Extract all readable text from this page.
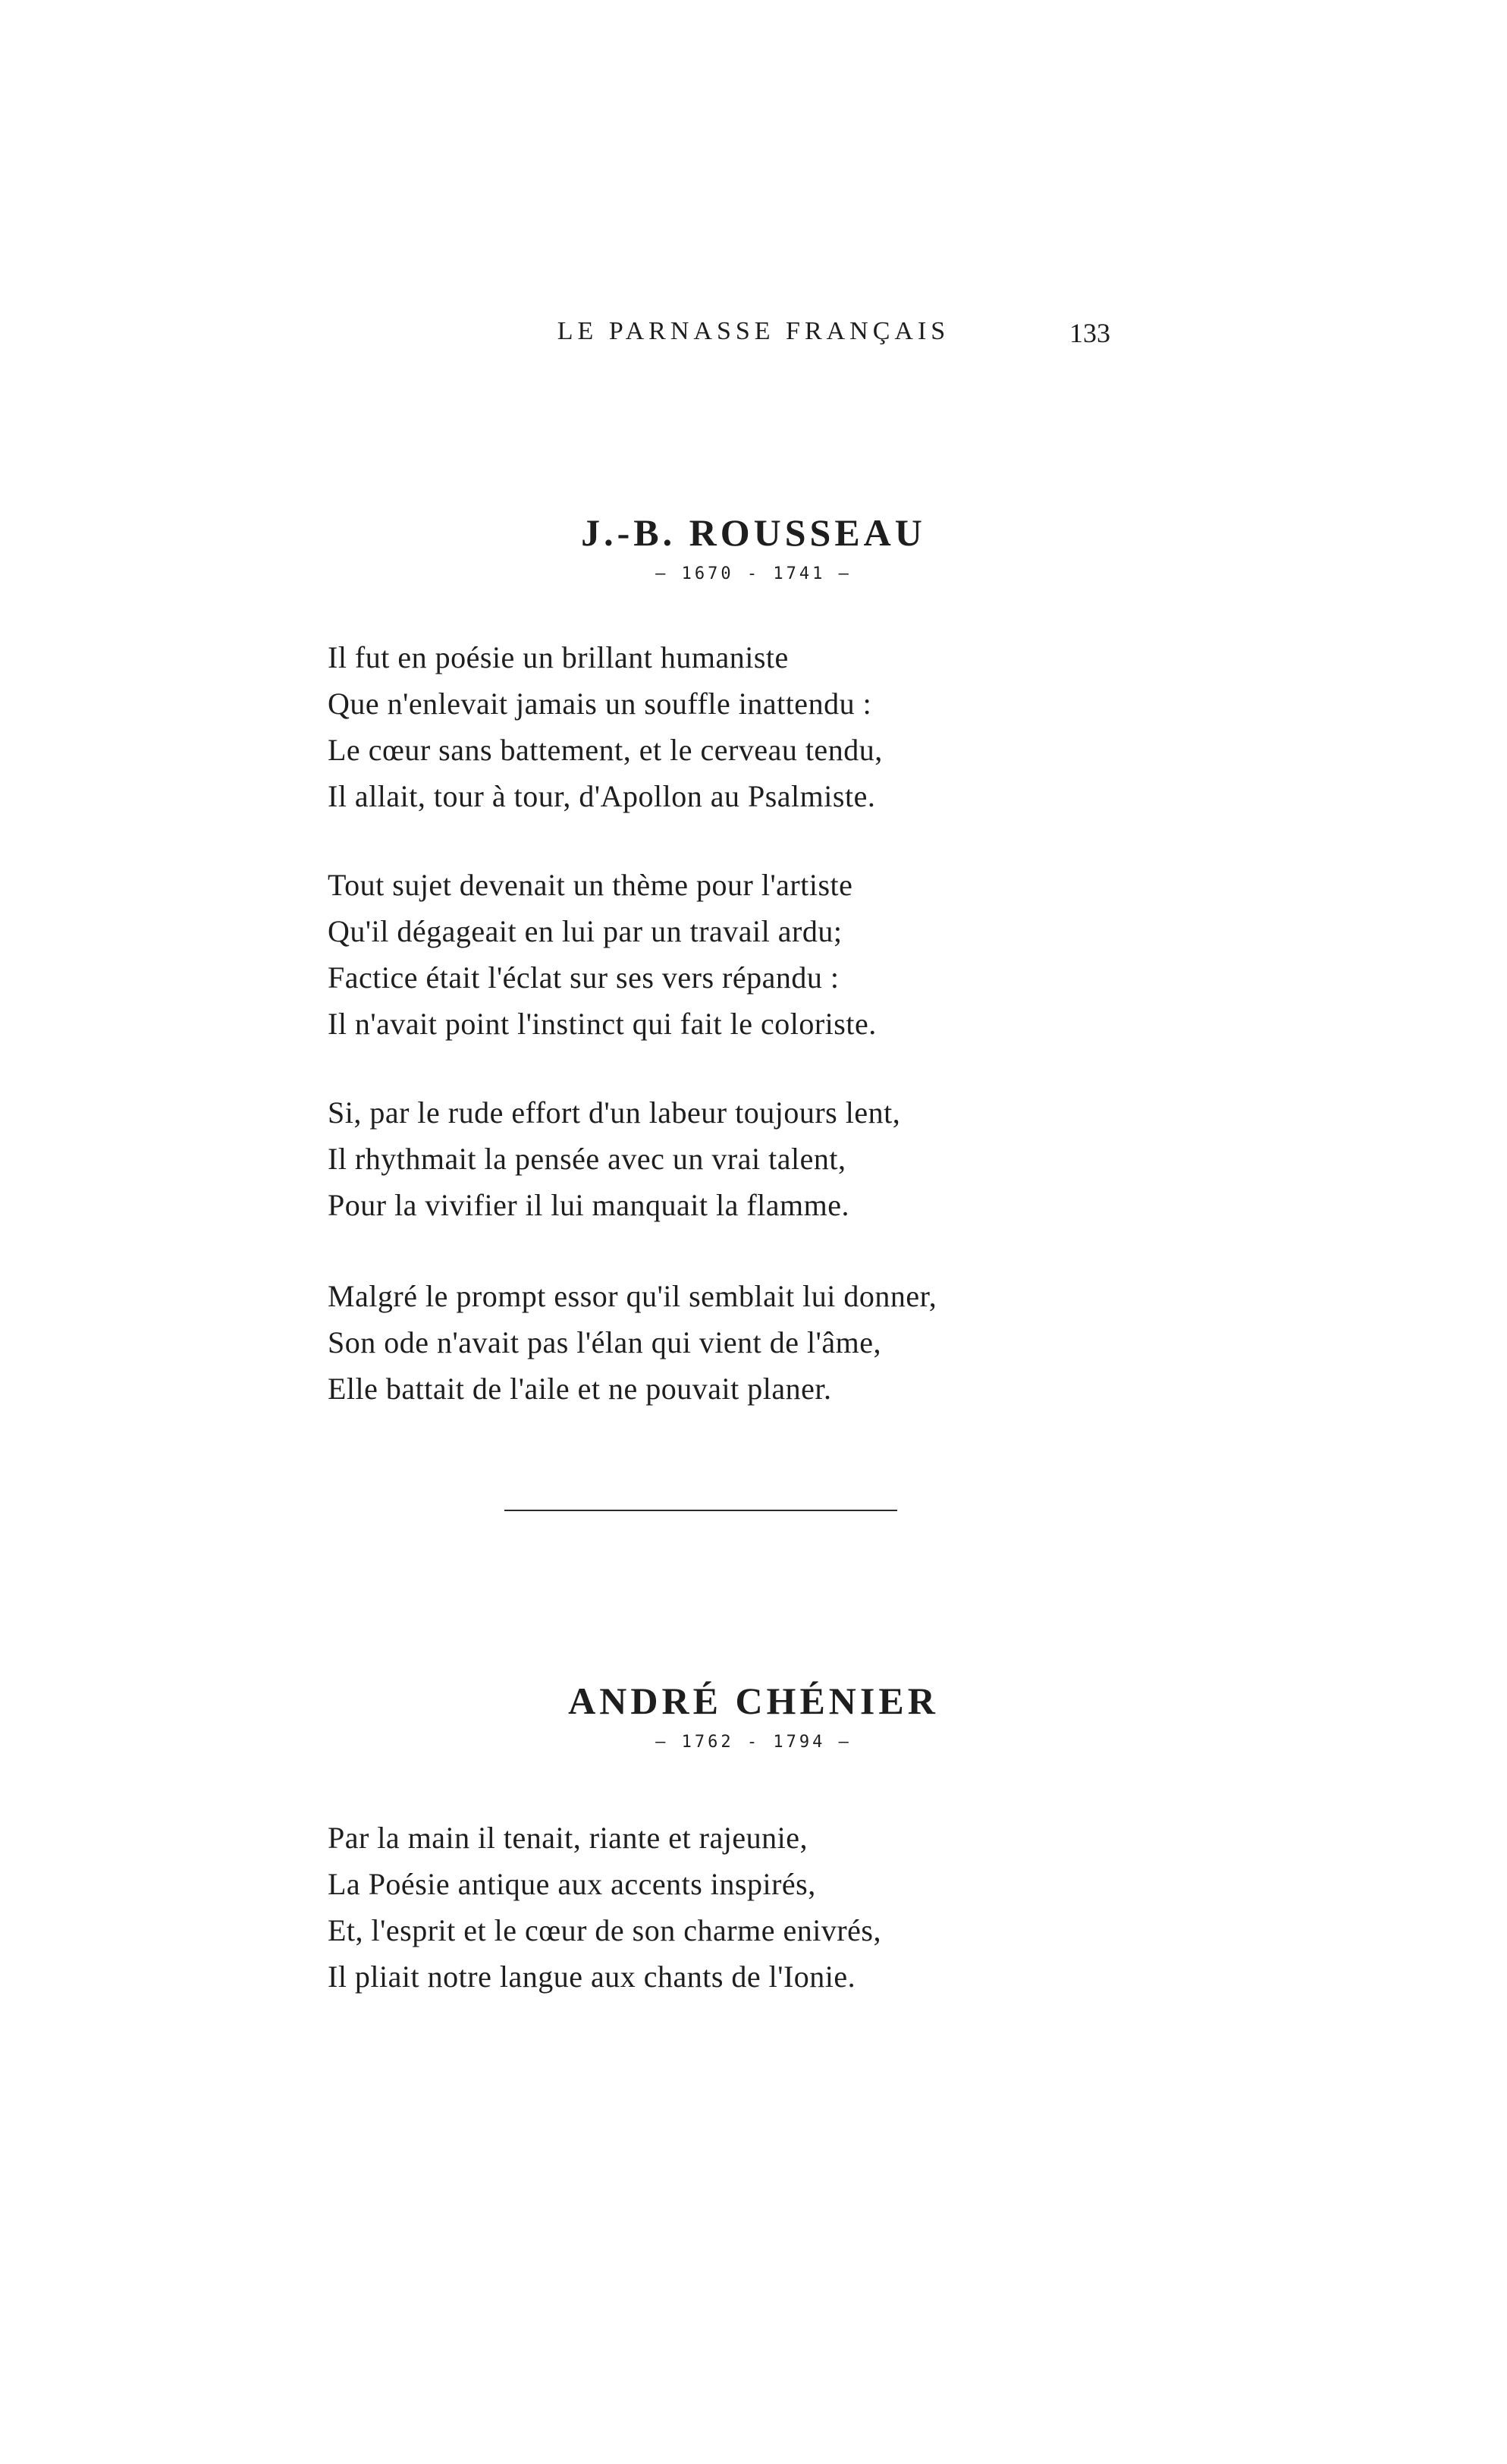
LE PARNASSE FRANÇAIS	133
J.-B. ROUSSEAU
— 1670 - 1741 —
Il fut en poésie un brillant humaniste
Que n'enlevait jamais un souffle inattendu :
Le cœur sans battement, et le cerveau tendu,
Il allait, tour à tour, d'Apollon au Psalmiste.
Tout sujet devenait un thème pour l'artiste
Qu'il dégageait en lui par un travail ardu;
Factice était l'éclat sur ses vers répandu :
Il n'avait point l'instinct qui fait le coloriste.
Si, par le rude effort d'un labeur toujours lent,
Il rhythmait la pensée avec un vrai talent,
Pour la vivifier il lui manquait la flamme.
Malgré le prompt essor qu'il semblait lui donner,
Son ode n'avait pas l'élan qui vient de l'âme,
Elle battait de l'aile et ne pouvait planer.
ANDRÉ CHÉNIER
— 1762 - 1794 —
Par la main il tenait, riante et rajeunie,
La Poésie antique aux accents inspirés,
Et, l'esprit et le cœur de son charme enivrés,
Il pliait notre langue aux chants de l'Ionie.
